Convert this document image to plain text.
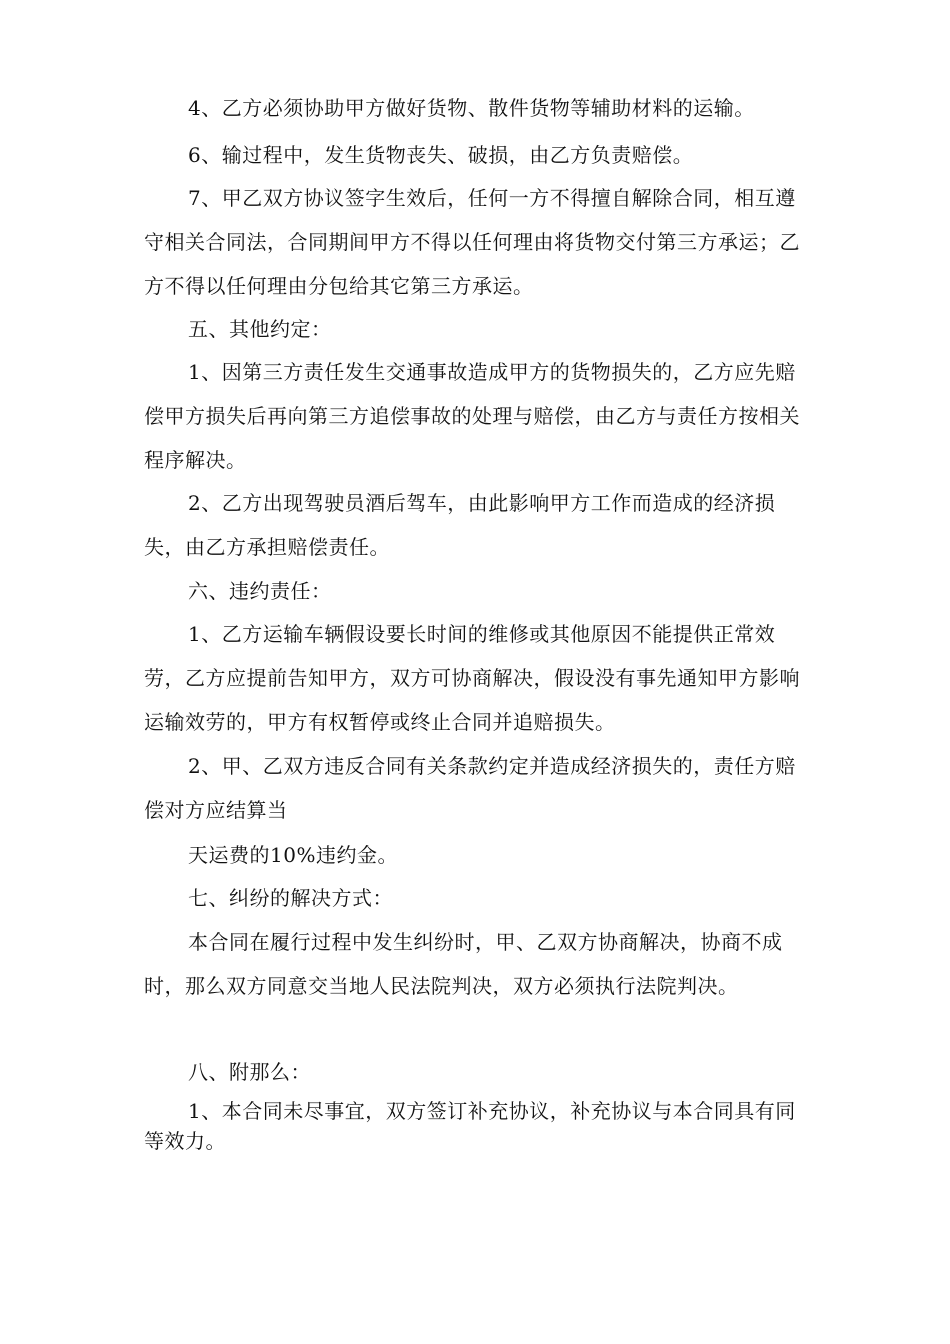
4、乙方必须协助甲方做好货物、散件货物等辅助材料的运输。

6、输过程中，发生货物丧失、破损，由乙方负责赔偿。

7、甲乙双方协议签字生效后，任何一方不得擅自解除合同，相互遵守相关合同法，合同期间甲方不得以任何理由将货物交付第三方承运；乙方不得以任何理由分包给其它第三方承运。

五、其他约定：

1、因第三方责任发生交通事故造成甲方的货物损失的，乙方应先赔偿甲方损失后再向第三方追偿事故的处理与赔偿，由乙方与责任方按相关程序解决。

2、乙方出现驾驶员酒后驾车，由此影响甲方工作而造成的经济损失，由乙方承担赔偿责任。

六、违约责任：

1、乙方运输车辆假设要长时间的维修或其他原因不能提供正常效劳，乙方应提前告知甲方，双方可协商解决，假设没有事先通知甲方影响运输效劳的，甲方有权暂停或终止合同并追赔损失。

2、甲、乙双方违反合同有关条款约定并造成经济损失的，责任方赔偿对方应结算当

天运费的10%违约金。

七、纠纷的解决方式：

本合同在履行过程中发生纠纷时，甲、乙双方协商解决，协商不成时，那么双方同意交当地人民法院判决，双方必须执行法院判决。

八、附那么：

1、本合同未尽事宜，双方签订补充协议，补充协议与本合同具有同等效力。
